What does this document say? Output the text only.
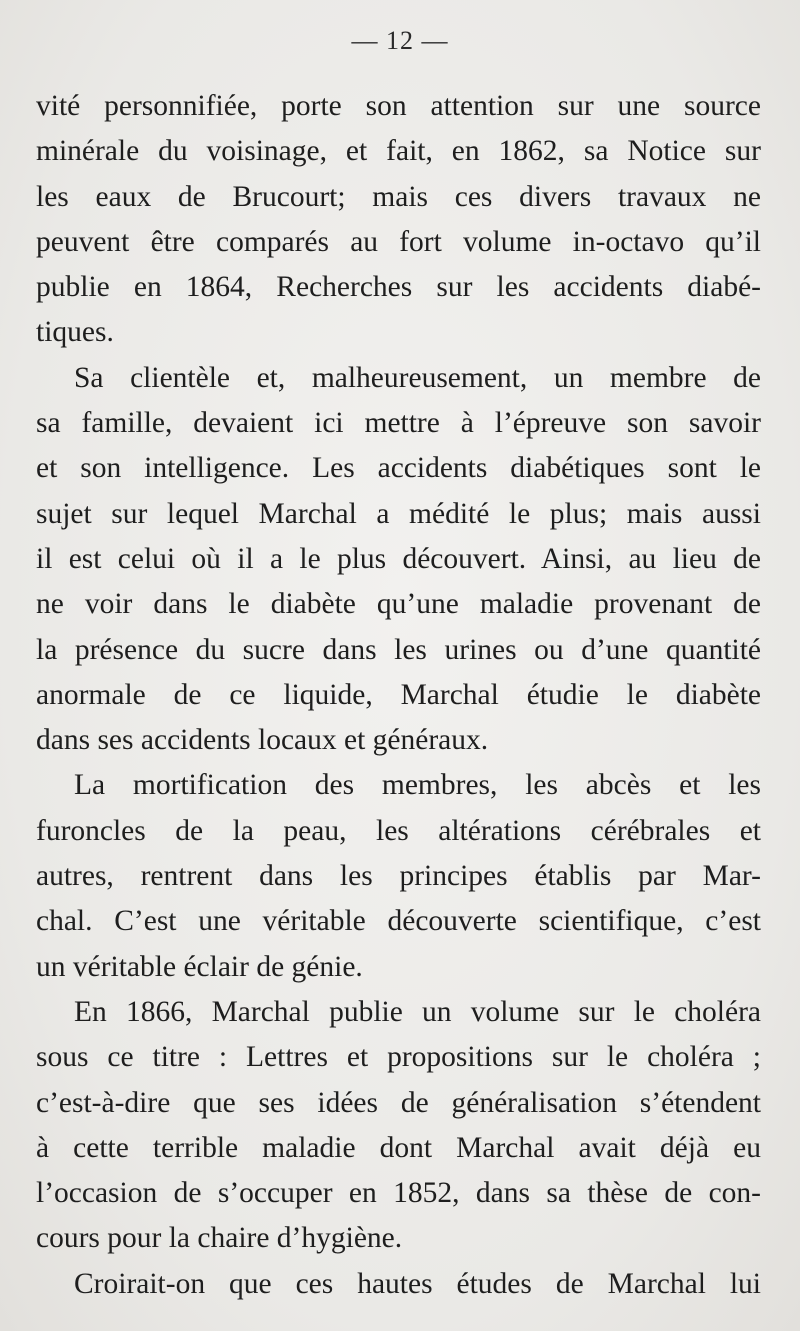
— 12 —
vité personnifiée, porte son attention sur une source
minérale du voisinage, et fait, en 1862, sa Notice sur
les eaux de Brucourt; mais ces divers travaux ne
peuvent être comparés au fort volume in-octavo qu’il
publie en 1864, Recherches sur les accidents diabé-
tiques.
Sa clientèle et, malheureusement, un membre de
sa famille, devaient ici mettre à l’épreuve son savoir
et son intelligence. Les accidents diabétiques sont le
sujet sur lequel Marchal a médité le plus; mais aussi
il est celui où il a le plus découvert. Ainsi, au lieu de
ne voir dans le diabète qu’une maladie provenant de
la présence du sucre dans les urines ou d’une quantité
anormale de ce liquide, Marchal étudie le diabète
dans ses accidents locaux et généraux.
La mortification des membres, les abcès et les
furoncles de la peau, les altérations cérébrales et
autres, rentrent dans les principes établis par Mar-
chal. C’est une véritable découverte scientifique, c’est
un véritable éclair de génie.
En 1866, Marchal publie un volume sur le choléra
sous ce titre : Lettres et propositions sur le choléra ;
c’est-à-dire que ses idées de généralisation s’étendent
à cette terrible maladie dont Marchal avait déjà eu
l’occasion de s’occuper en 1852, dans sa thèse de con-
cours pour la chaire d’hygiène.
Croirait-on que ces hautes études de Marchal lui
